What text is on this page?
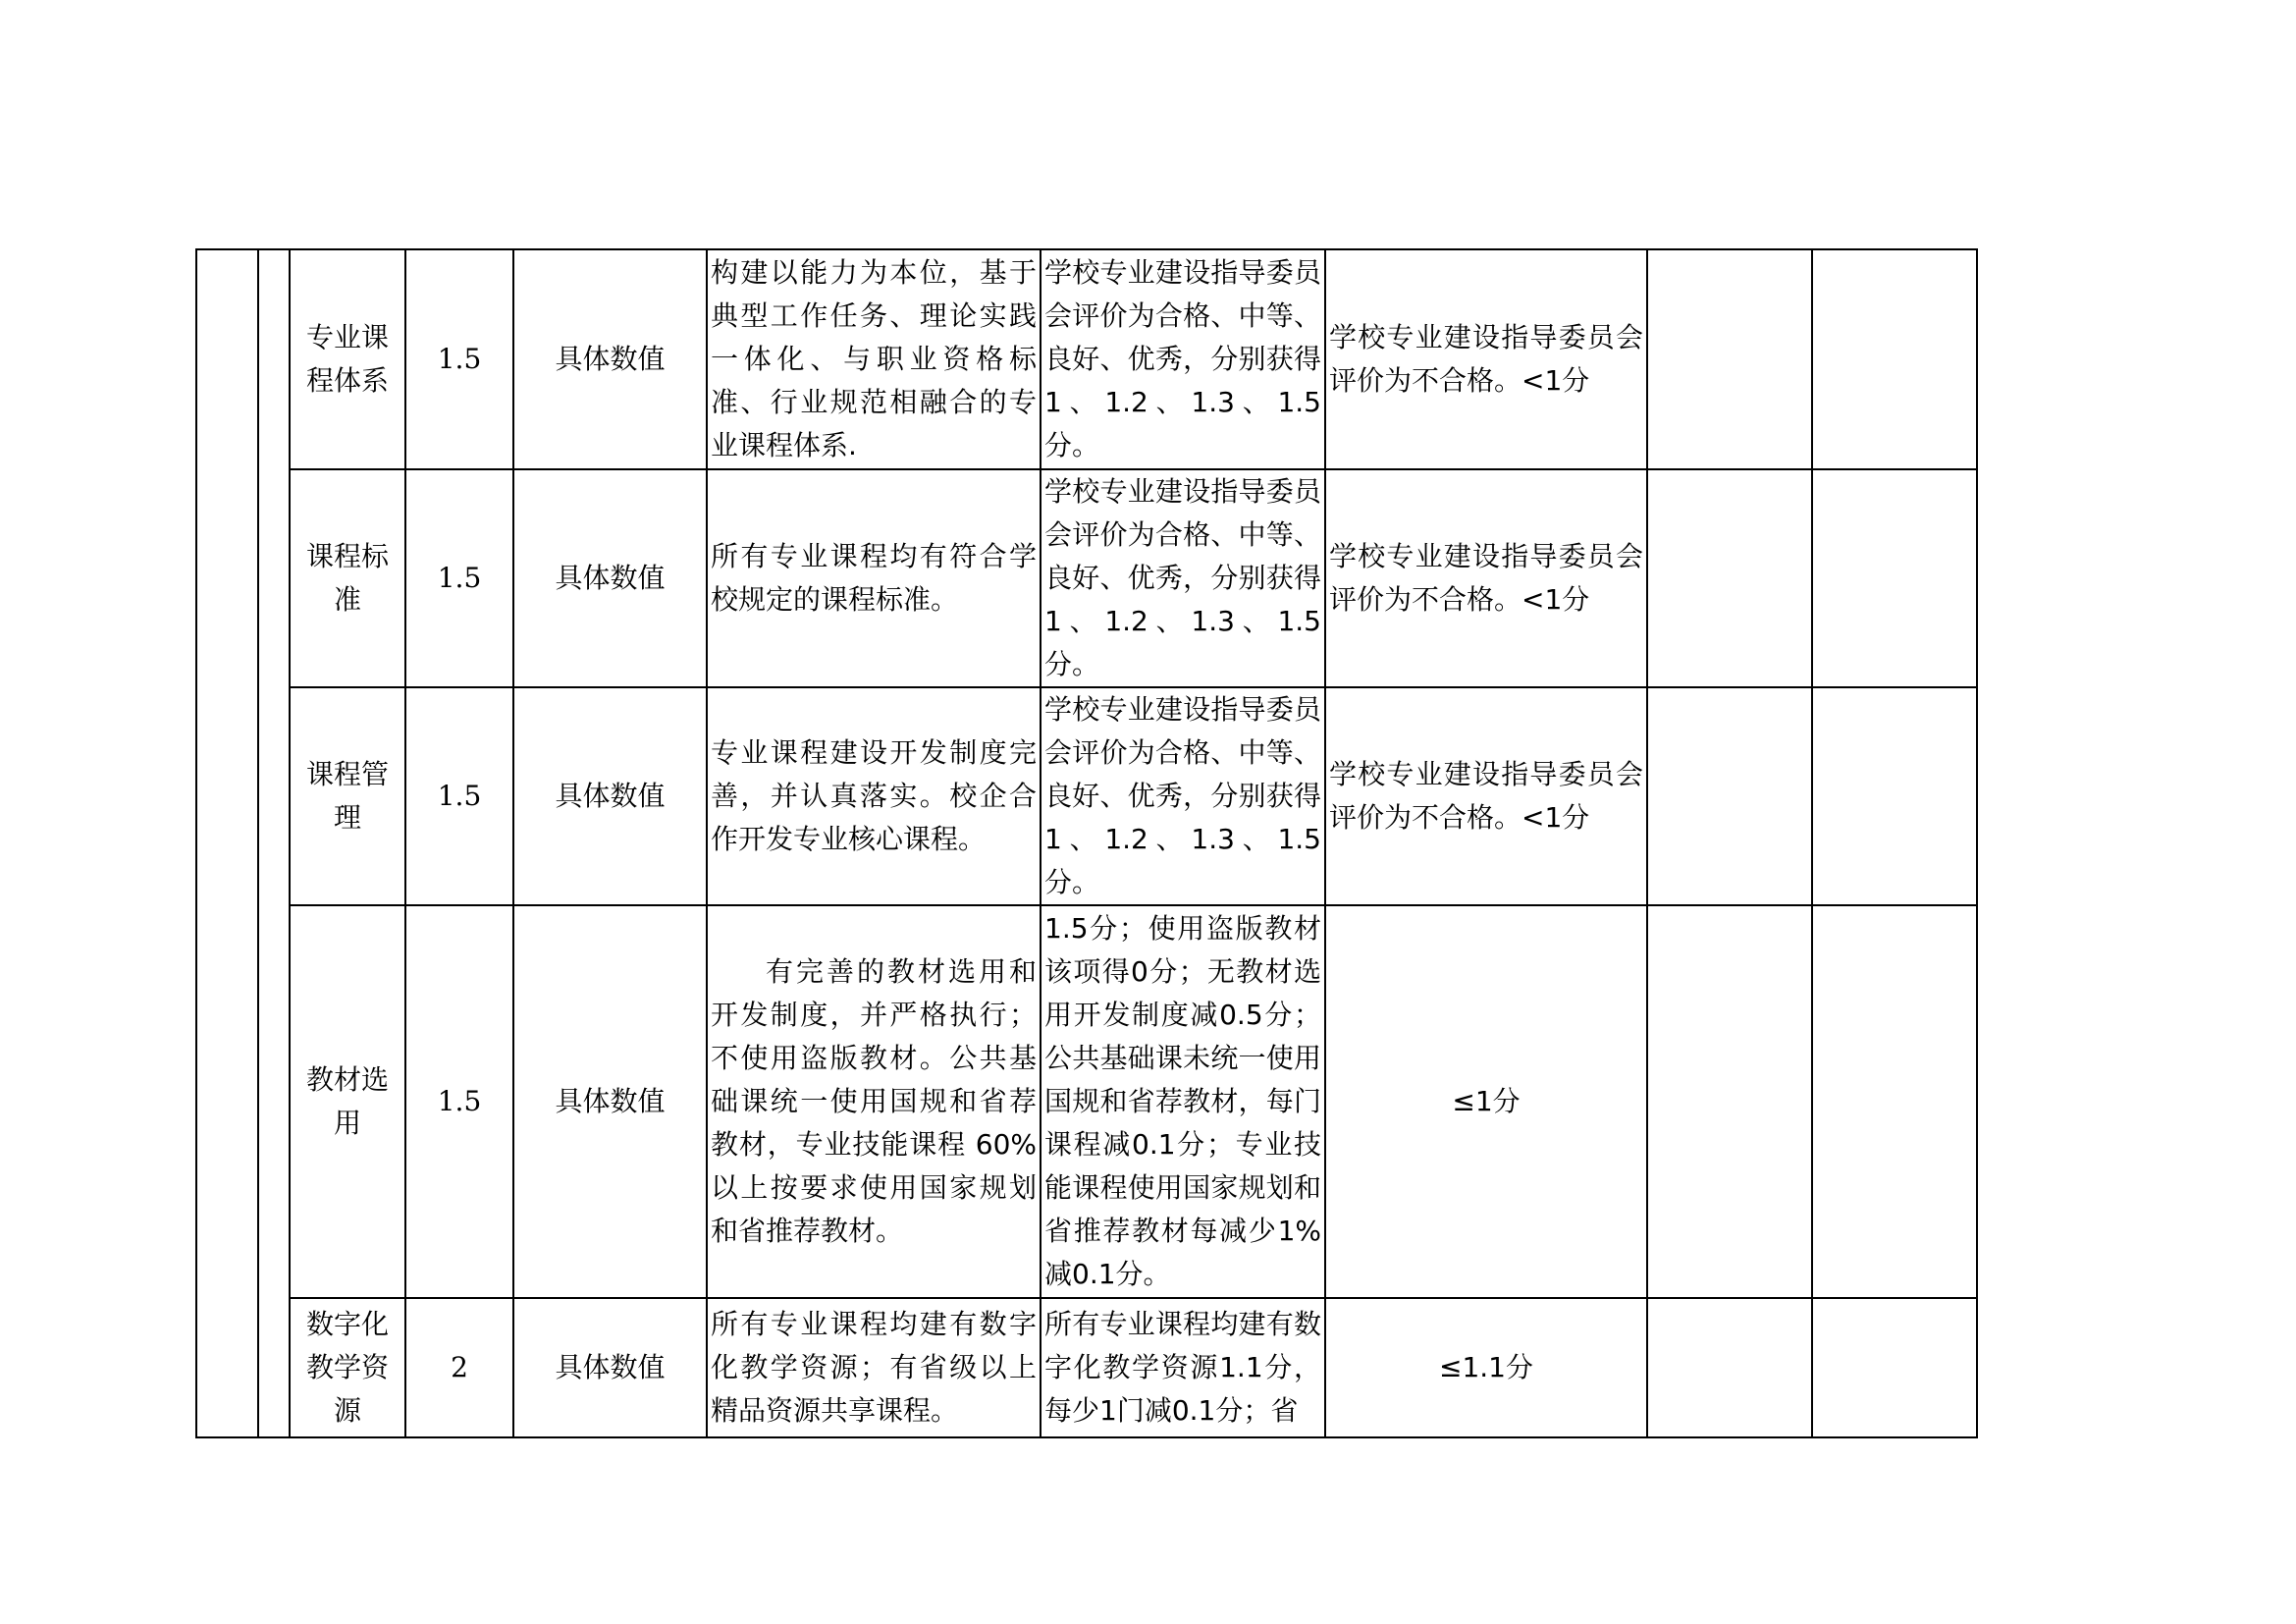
		专业课程体系	1.5	具体数值	构建以能力为本位，基于典型工作任务、理论实践一体化、与职业资格标准、行业规范相融合的专业课程体系.	学校专业建设指导委员会评价为合格、中等、良好、优秀，分别获得1、1.2、1.3、1.5分。	学校专业建设指导委员会评价为不合格。<1分		
		课程标准	1.5	具体数值	所有专业课程均有符合学校规定的课程标准。	学校专业建设指导委员会评价为合格、中等、良好、优秀，分别获得1、1.2、1.3、1.5分。	学校专业建设指导委员会评价为不合格。<1分		
		课程管理	1.5	具体数值	专业课程建设开发制度完善，并认真落实。校企合作开发专业核心课程。	学校专业建设指导委员会评价为合格、中等、良好、优秀，分别获得1、1.2、1.3、1.5分。	学校专业建设指导委员会评价为不合格。<1分		
		教材选用	1.5	具体数值	有完善的教材选用和开发制度，并严格执行；不使用盗版教材。公共基础课统一使用国规和省荐教材，专业技能课程 60%以上按要求使用国家规划和省推荐教材。	1.5分；使用盗版教材该项得0分；无教材选用开发制度减0.5分；公共基础课未统一使用国规和省荐教材，每门课程减0.1分；专业技能课程使用国家规划和省推荐教材每减少1%减0.1分。	≤1分		
		数字化教学资源	2	具体数值	所有专业课程均建有数字化教学资源；有省级以上精品资源共享课程。	所有专业课程均建有数字化教学资源1.1分，每少1门减0.1分；省	≤1.1分		
